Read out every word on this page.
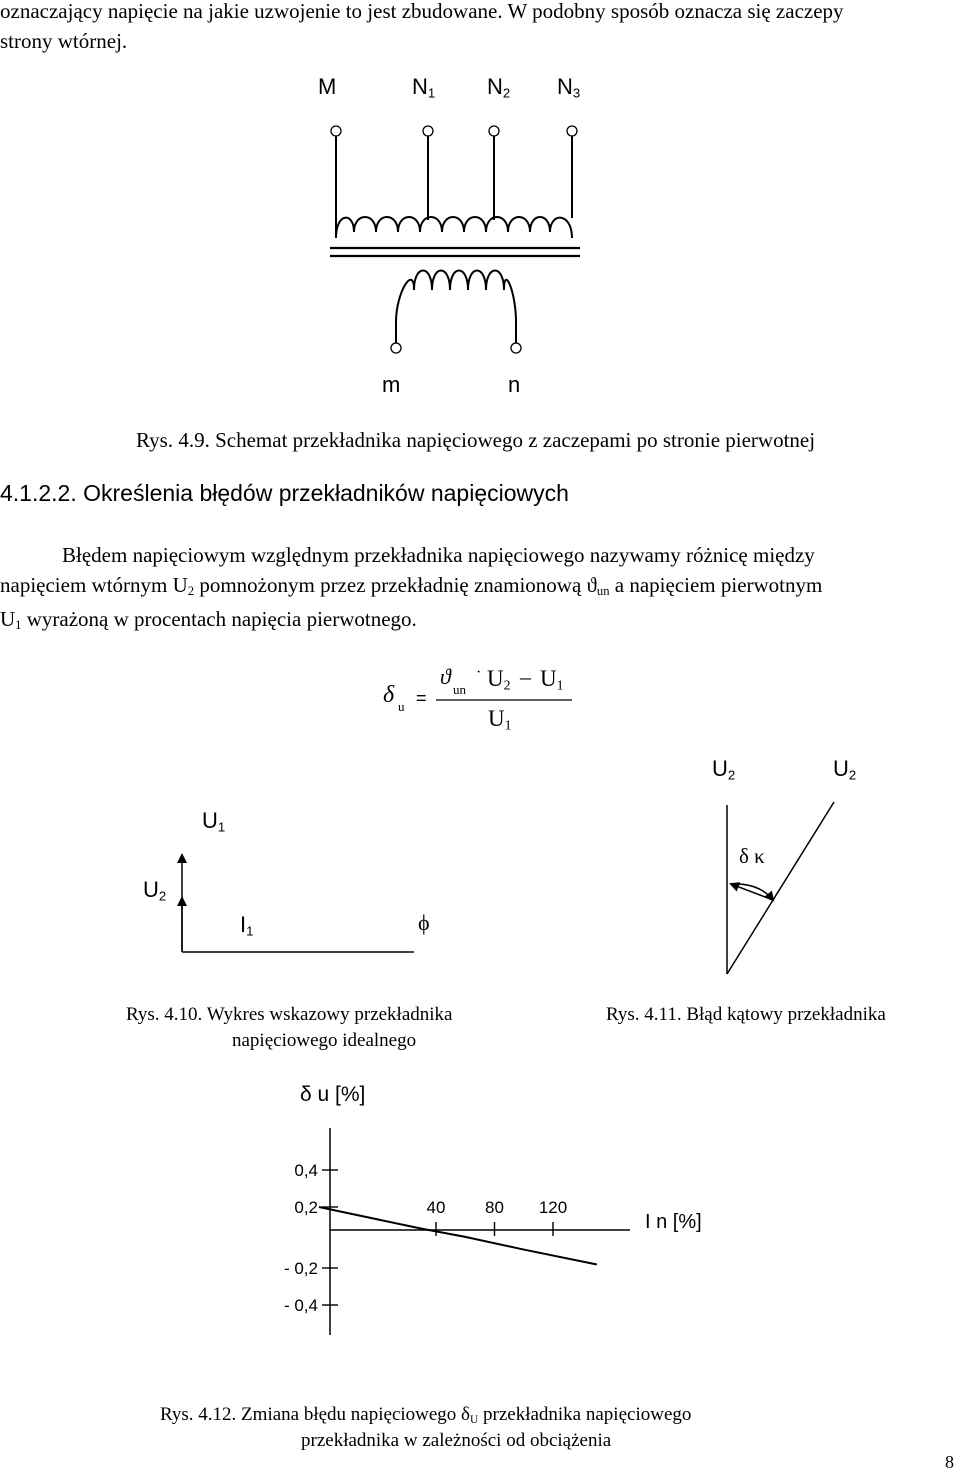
oznaczający napięcie na jakie uzwojenie to jest zbudowane. W podobny sposób oznacza się zaczepy
strony wtórnej.
M	$N_1$ $N_2$ $N_3$
m	n
Rys. 4.9. Schemat przekładnika napięciowego z zaczepami po stronie pierwotnej
4.1.2.2. Określenia błędów przekładników napięciowych
Błędem napięciowym względnym przekładnika napięciowego nazywamy różnicę między
napięciem wtórnym $U_2$ pomnożonym przez przekładnię znamionową $ϑ_{un}$ a napięciem pierwotnym
$U_1$ wyrażoną w procentach napięcia pierwotnego.
δ u =
ϑ
un
· $U_2 - U_1$
$U_1$
$U_1$
$U_2$
$I_1$	ϕ
Rys. 4.10. Wykres wskazowy przekładnika
napięciowego idealnego
$U_2$	$U_2$
δ κ
Rys. 4.11. Błąd kątowy przekładnika
0,4
0,2
- 0,2
- 0,4
40 80 120
δ u [%]
I n [%]
Rys. 4.12. Zmiana błędu napięciowego $\delta_U$ przekładnika napięciowego
przekładnika w zależności od obciążenia
8
